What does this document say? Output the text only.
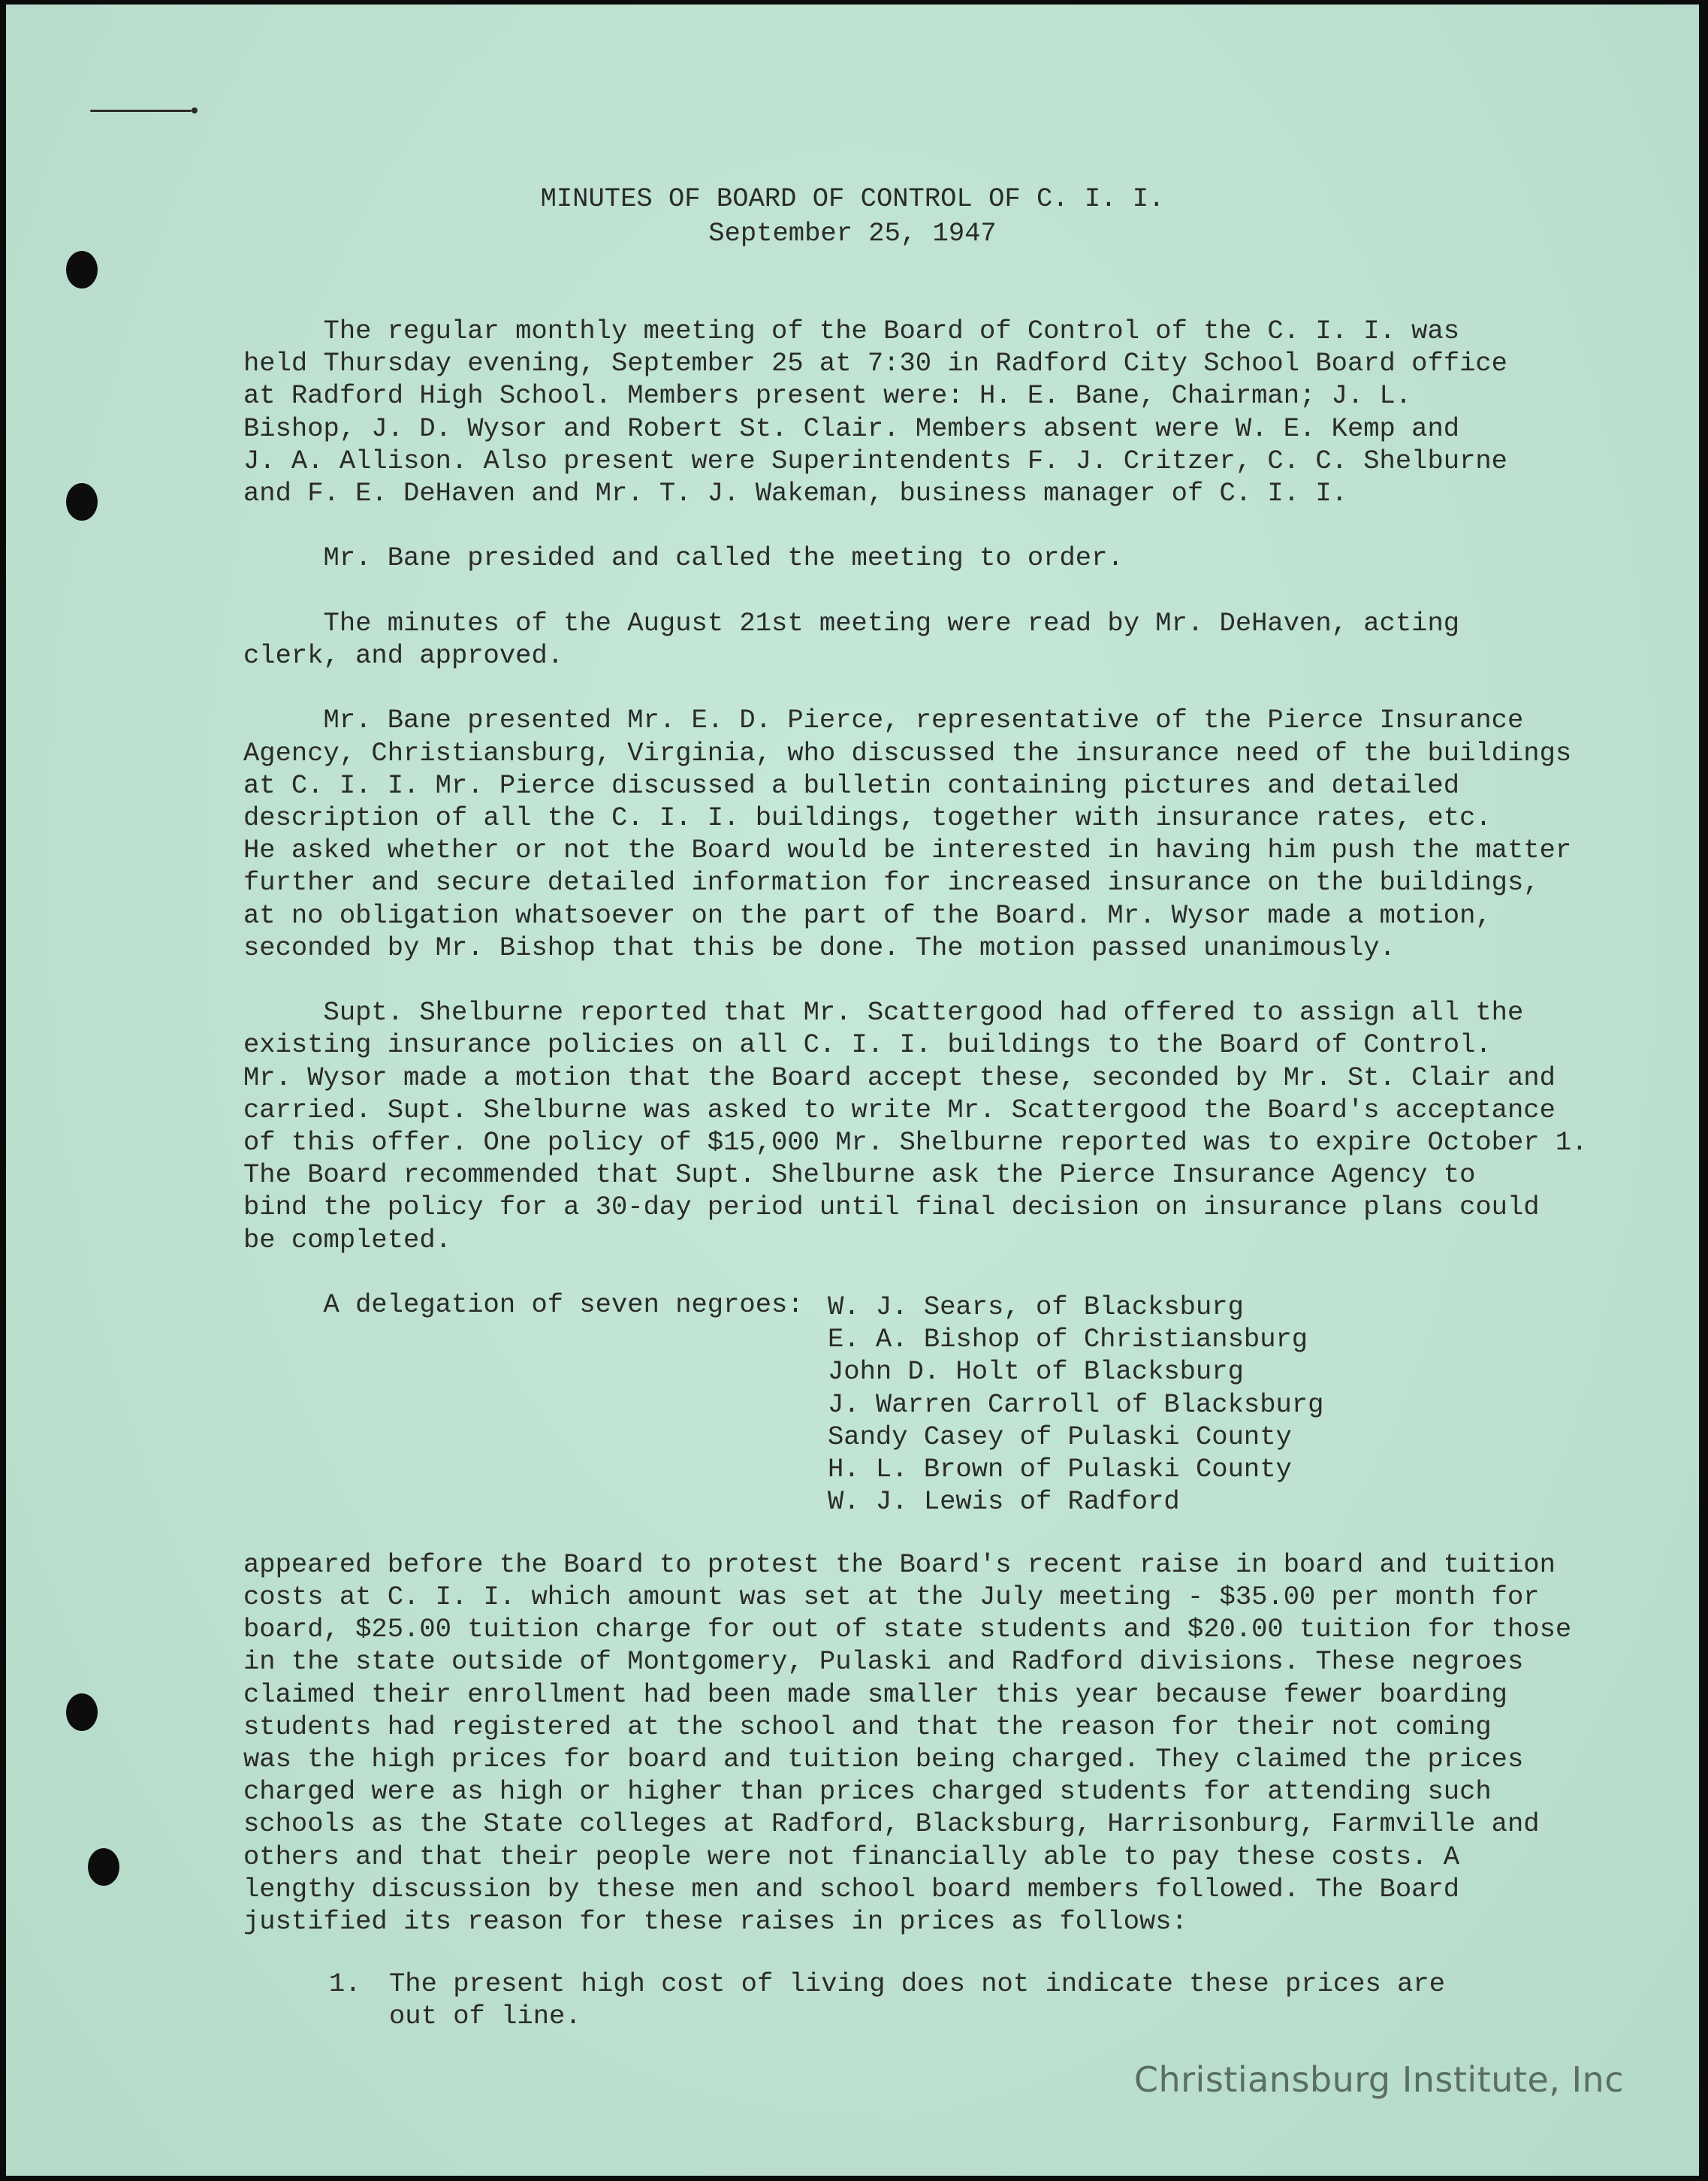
MINUTES OF BOARD OF CONTROL OF C. I. I.
September 25, 1947
The regular monthly meeting of the Board of Control of the C. I. I. was
held Thursday evening, September 25 at 7:30 in Radford City School Board office
at Radford High School. Members present were: H. E. Bane, Chairman; J. L.
Bishop, J. D. Wysor and Robert St. Clair. Members absent were W. E. Kemp and
J. A. Allison. Also present were Superintendents F. J. Critzer, C. C. Shelburne
and F. E. DeHaven and Mr. T. J. Wakeman, business manager of C. I. I.

Mr. Bane presided and called the meeting to order.

The minutes of the August 21st meeting were read by Mr. DeHaven, acting
clerk, and approved.

Mr. Bane presented Mr. E. D. Pierce, representative of the Pierce Insurance
Agency, Christiansburg, Virginia, who discussed the insurance need of the buildings
at C. I. I. Mr. Pierce discussed a bulletin containing pictures and detailed
description of all the C. I. I. buildings, together with insurance rates, etc.
He asked whether or not the Board would be interested in having him push the matter
further and secure detailed information for increased insurance on the buildings,
at no obligation whatsoever on the part of the Board. Mr. Wysor made a motion,
seconded by Mr. Bishop that this be done. The motion passed unanimously.

Supt. Shelburne reported that Mr. Scattergood had offered to assign all the
existing insurance policies on all C. I. I. buildings to the Board of Control.
Mr. Wysor made a motion that the Board accept these, seconded by Mr. St. Clair and
carried. Supt. Shelburne was asked to write Mr. Scattergood the Board's acceptance
of this offer. One policy of $15,000 Mr. Shelburne reported was to expire October 1.
The Board recommended that Supt. Shelburne ask the Pierce Insurance Agency to
bind the policy for a 30-day period until final decision on insurance plans could
be completed.

A delegation of seven negroes:

appeared before the Board to protest the Board's recent raise in board and tuition
costs at C. I. I. which amount was set at the July meeting - $35.00 per month for
board, $25.00 tuition charge for out of state students and $20.00 tuition for those
in the state outside of Montgomery, Pulaski and Radford divisions. These negroes
claimed their enrollment had been made smaller this year because fewer boarding
students had registered at the school and that the reason for their not coming
was the high prices for board and tuition being charged. They claimed the prices
charged were as high or higher than prices charged students for attending such
schools as the State colleges at Radford, Blacksburg, Harrisonburg, Farmville and
others and that their people were not financially able to pay these costs. A
lengthy discussion by these men and school board members followed. The Board
justified its reason for these raises in prices as follows:
W. J. Sears, of Blacksburg
E. A. Bishop of Christiansburg
John D. Holt of Blacksburg
J. Warren Carroll of Blacksburg
Sandy Casey of Pulaski County
H. L. Brown of Pulaski County
W. J. Lewis of Radford
1. The present high cost of living does not indicate these prices are
out of line.
Christiansburg Institute, Inc
